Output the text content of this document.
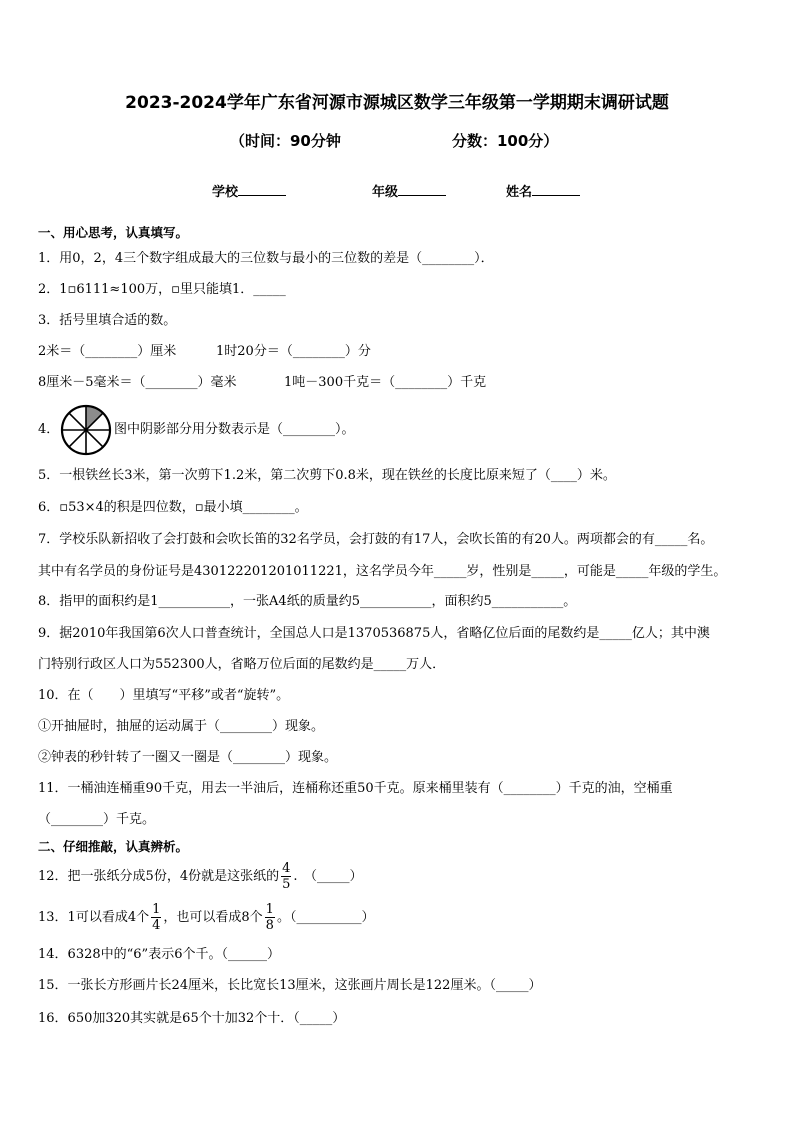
2023-2024学年广东省河源市源城区数学三年级第一学期期末调研试题
（时间：90分钟	分数：100分）
学校	年级	姓名
一、用心思考，认真填写。
1．用0，2，4三个数字组成最大的三位数与最小的三位数的差是（________）．
2．1▫6111≈100万，▫里只能填1．_____
3．括号里填合适的数。
2米＝（________）厘米	1时20分＝（________）分
8厘米－5毫米＝（________）毫米	1吨－300千克＝（________）千克
4．	图中阴影部分用分数表示是（________）。
5．一根铁丝长3米，第一次剪下1.2米，第二次剪下0.8米，现在铁丝的长度比原来短了（____）米。
6．▫53×4的积是四位数，▫最小填________。
7．学校乐队新招收了会打鼓和会吹长笛的32名学员，会打鼓的有17人，会吹长笛的有20人。两项都会的有_____名。
其中有名学员的身份证号是430122201201011221，这名学员今年_____岁，性别是_____，可能是_____年级的学生。
8．指甲的面积约是1___________，一张A4纸的质量约5___________，面积约5___________。
9．据2010年我国第6次人口普查统计，全国总人口是1370536875人，省略亿位后面的尾数约是_____亿人；其中澳
门特别行政区人口为552300人，省略万位后面的尾数约是_____万人．
10．在（　　）里填写“平移”或者“旋转”。
①开抽屉时，抽屉的运动属于（________）现象。
②钟表的秒针转了一圈又一圈是（________）现象。
11．一桶油连桶重90千克，用去一半油后，连桶称还重50千克。原来桶里装有（________）千克的油，空桶重
（________）千克。
二、仔细推敲，认真辨析。
12．把一张纸分成5份，4份就是这张纸的 $\frac{4}{5}$ .　（_____）
13．1可以看成4个 $\frac{1}{4}$ ，也可以看成8个 $\frac{1}{8}$ 。（__________）
14．6328中的“6”表示6个千。（______）
15．一张长方形画片长24厘米，长比宽长13厘米，这张画片周长是122厘米。（_____）
16．650加320其实就是65个十加32个十．（_____）
